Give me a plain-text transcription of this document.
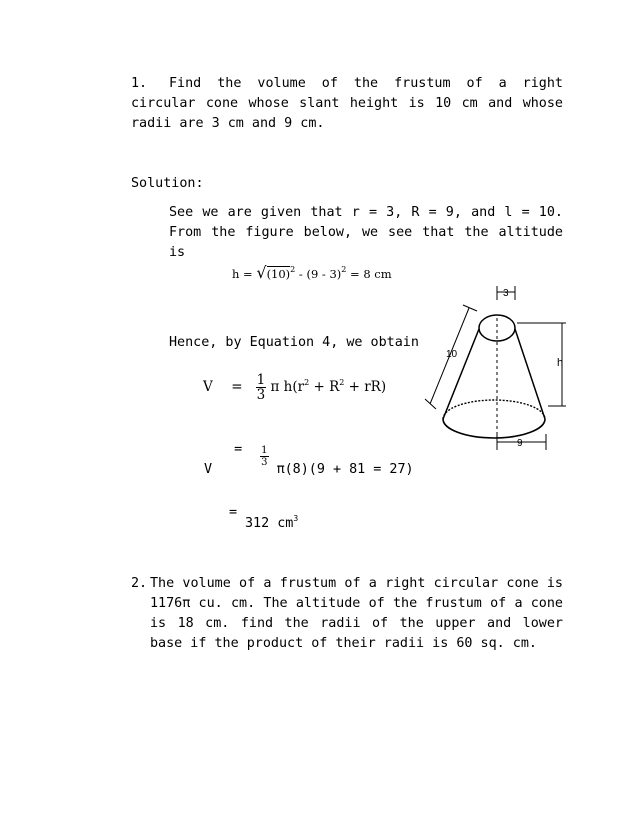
1.	Find the volume of the frustum of a right
circular cone whose slant height is 10 cm and whose
radii are 3 cm and 9 cm.
Solution:
See we are given that r = 3, R = 9, and l = 10.
From the figure below, we see that the altitude
is
$h = √(10)^2 - (9 - 3)^2 = 8$ cm
Hence, by Equation 4, we obtain
$V = \frac{1}{3}$ π $h(r^2 + R^2 + rR)$
$V = \frac{1}{3}$
π(8)(9 + 81 = 27)
=
312 $cm^3$
3
9
h
10
2. The volume of a frustum of a right circular cone is
1176π cu. cm. The altitude of the frustum of a cone
is 18 cm. find the radii of the upper and lower
base if the product of their radii is 60 sq. cm.
